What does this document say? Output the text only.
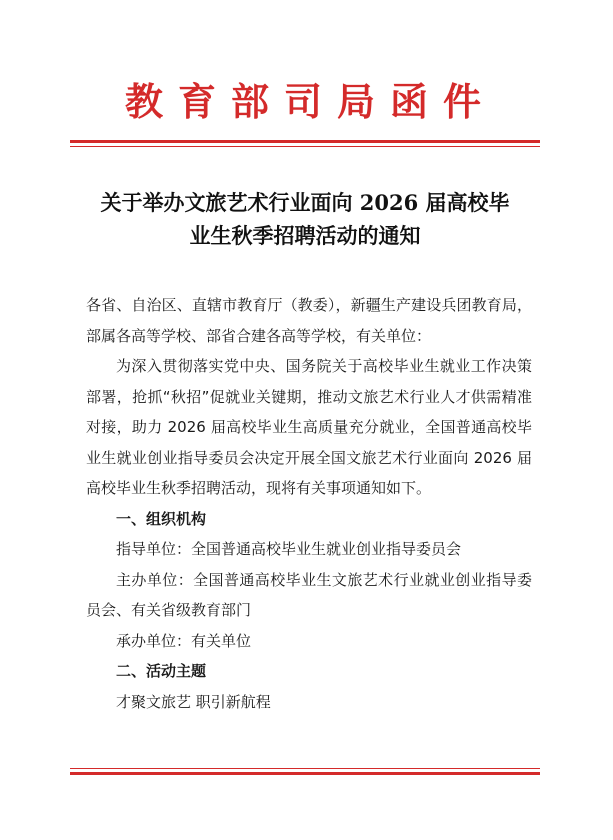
教育部司局函件
关于举办文旅艺术行业面向 2026 届高校毕
业生秋季招聘活动的通知

各省、自治区、直辖市教育厅（教委），新疆生产建设兵团教育局，部属各高等学校、部省合建各高等学校，有关单位：

为深入贯彻落实党中央、国务院关于高校毕业生就业工作决策部署，抢抓“秋招”促就业关键期，推动文旅艺术行业人才供需精准对接，助力 2026 届高校毕业生高质量充分就业，全国普通高校毕业生就业创业指导委员会决定开展全国文旅艺术行业面向 2026 届高校毕业生秋季招聘活动，现将有关事项通知如下。

一、组织机构

指导单位：全国普通高校毕业生就业创业指导委员会

主办单位：全国普通高校毕业生文旅艺术行业就业创业指导委员会、有关省级教育部门

承办单位：有关单位

二、活动主题

才聚文旅艺 职引新航程
